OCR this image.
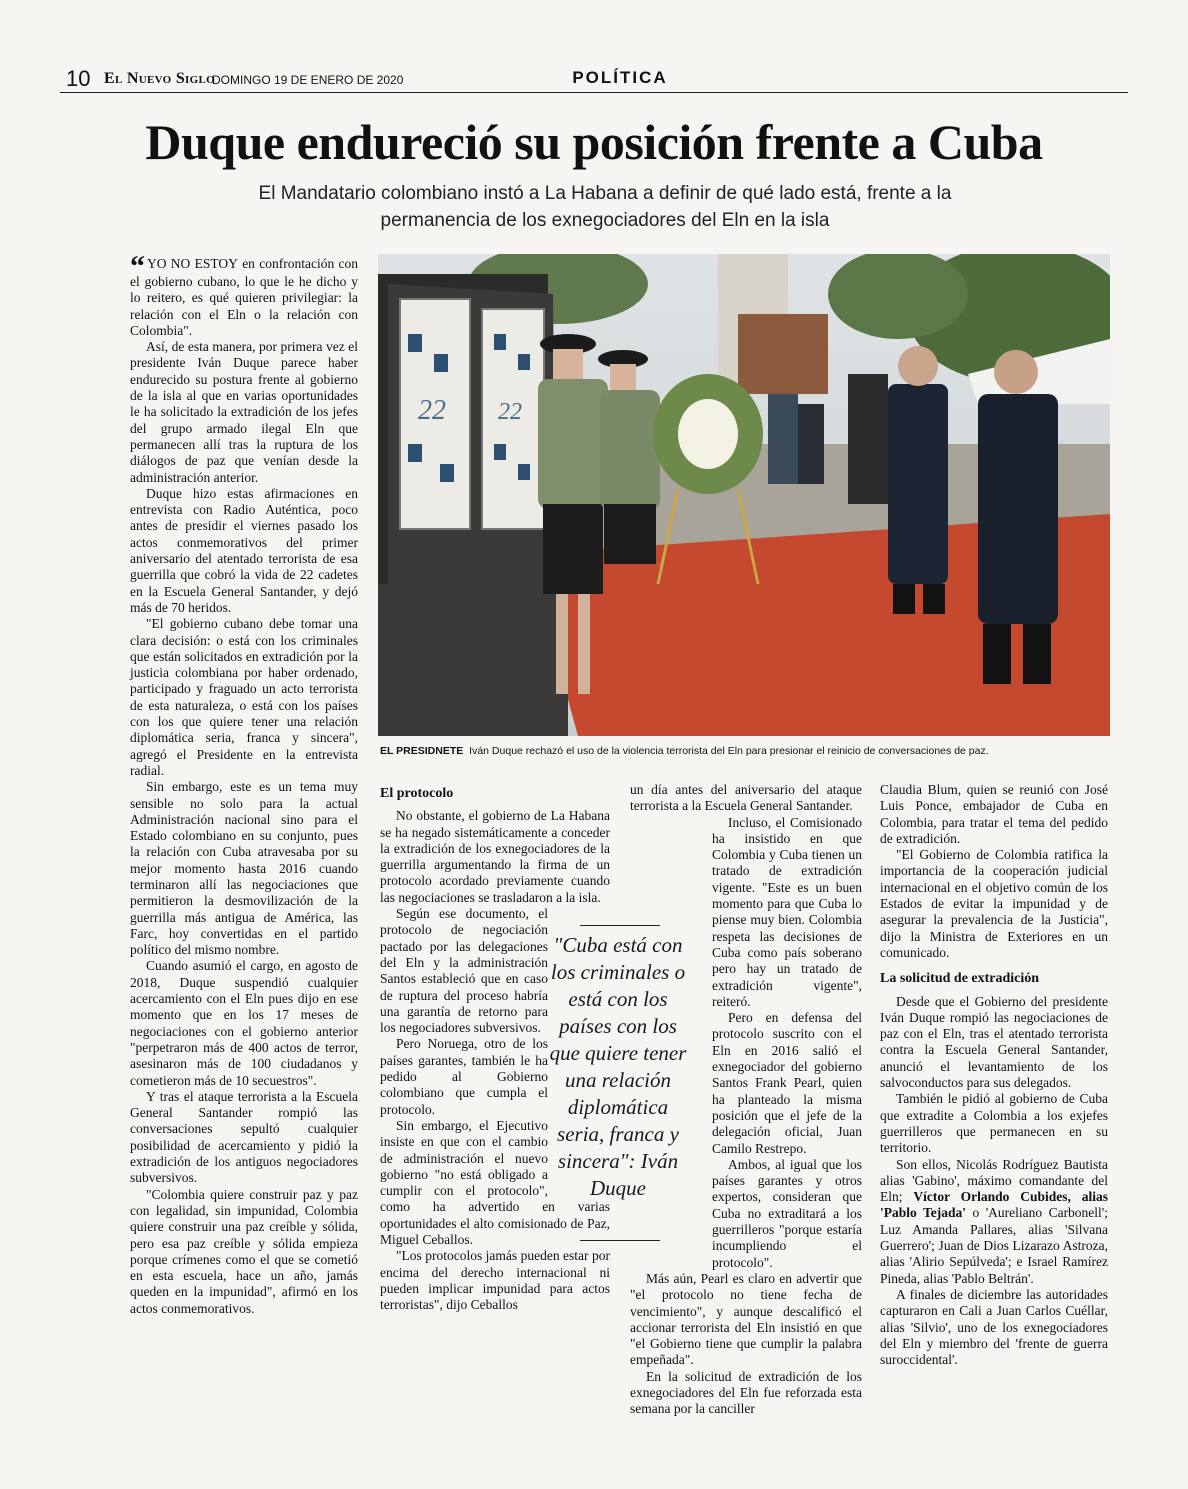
10 El Nuevo Siglo
DOMINGO 19 DE ENERO DE 2020	POLÍTICA
Duque endureció su posición frente a Cuba

El Mandatario colombiano instó a La Habana a definir de qué lado está, frente a la permanencia de los exnegociadores del Eln en la isla

“ YO NO ESTOY en confrontación con el gobierno cubano, lo que le he dicho y lo reitero, es qué quieren privilegiar: la relación con el Eln o la relación con Colombia".

Así, de esta manera, por primera vez el presidente Iván Duque parece haber endurecido su postura frente al gobierno de la isla al que en varias oportunidades le ha solicitado la extradición de los jefes del grupo armado ilegal Eln que permanecen allí tras la ruptura de los diálogos de paz que venían desde la administración anterior.

Duque hizo estas afirmaciones en entrevista con Radio Auténtica, poco antes de presidir el viernes pasado los actos conmemorativos del primer aniversario del atentado terrorista de esa guerrilla que cobró la vida de 22 cadetes en la Escuela General Santander, y dejó más de 70 heridos.

"El gobierno cubano debe tomar una clara decisión: o está con los criminales que están solicitados en extradición por la justicia colombiana por haber ordenado, participado y fraguado un acto terrorista de esta naturaleza, o está con los países con los que quiere tener una relación diplomática seria, franca y sincera", agregó el Presidente en la entrevista radial.

Sin embargo, este es un tema muy sensible no solo para la actual Administración nacional sino para el Estado colombiano en su conjunto, pues la relación con Cuba atravesaba por su mejor momento hasta 2016 cuando terminaron allí las negociaciones que permitieron la desmovilización de la guerrilla más antigua de América, las Farc, hoy convertidas en el partido político del mismo nombre.

Cuando asumió el cargo, en agosto de 2018, Duque suspendió cualquier acercamiento con el Eln pues dijo en ese momento que en los 17 meses de negociaciones con el gobierno anterior "perpetraron más de 400 actos de terror, asesinaron más de 100 ciudadanos y cometieron más de 10 secuestros".

Y tras el ataque terrorista a la Escuela General Santander rompió las conversaciones sepultó cualquier posibilidad de acercamiento y pidió la extradición de los antiguos negociadores subversivos.

"Colombia quiere construir paz y paz con legalidad, sin impunidad, Colombia quiere construir una paz creíble y sólida, pero esa paz creíble y sólida empieza porque crímenes como el que se cometió en esta escuela, hace un año, jamás queden en la impunidad", afirmó en los actos conmemorativos.

22 22
EL PRESIDNETE Iván Duque rechazó el uso de la violencia terrorista del Eln para presionar el reinicio de conversaciones de paz.
El protocolo

No obstante, el gobierno de La Habana se ha negado sistemáticamente a conceder la extradición de los exnegociadores de la guerrilla argumentando la firma de un protocolo acordado previamente cuando las negociaciones se trasladaron a la isla.

Según ese documento, el protocolo de negociación pactado por las delegaciones del Eln y la administración Santos estableció que en caso de ruptura del proceso habría una garantía de retorno para los negociadores subversivos.

Pero Noruega, otro de los países garantes, también le ha pedido al Gobierno colombiano que cumpla el protocolo.

Sin embargo, el Ejecutivo insiste en que con el cambio de administración el nuevo gobierno "no está obligado a cumplir con el protocolo", como ha advertido en varias oportunidades el alto comisionado de Paz, Miguel Ceballos.

"Los protocolos jamás pueden estar por encima del derecho internacional ni pueden implicar impunidad para actos terroristas", dijo Ceballos

un día antes del aniversario del ataque terrorista a la Escuela General Santander.

Incluso, el Comisionado ha insistido en que Colombia y Cuba tienen un tratado de extradición vigente. "Este es un buen momento para que Cuba lo piense muy bien. Colombia respeta las decisiones de Cuba como país soberano pero hay un tratado de extradición vigente", reiteró.

Pero en defensa del protocolo suscrito con el Eln en 2016 salió el exnegociador del gobierno Santos Frank Pearl, quien ha planteado la misma posición que el jefe de la delegación oficial, Juan Camilo Restrepo.

Ambos, al igual que los países garantes y otros expertos, consideran que Cuba no extraditará a los guerrilleros "porque estaría incumpliendo el protocolo".

Más aún, Pearl es claro en advertir que "el protocolo no tiene fecha de vencimiento", y aunque descalificó el accionar terrorista del Eln insistió en que "el Gobierno tiene que cumplir la palabra empeñada".

En la solicitud de extradición de los exnegociadores del Eln fue reforzada esta semana por la canciller

"Cuba está con los criminales o está con los países con los que quiere tener una relación diplomática seria, franca y sincera": Iván Duque

Claudia Blum, quien se reunió con José Luis Ponce, embajador de Cuba en Colombia, para tratar el tema del pedido de extradición.

"El Gobierno de Colombia ratifica la importancia de la cooperación judicial internacional en el objetivo común de los Estados de evitar la impunidad y de asegurar la prevalencia de la Justicia", dijo la Ministra de Exteriores en un comunicado.

La solicitud de extradición

Desde que el Gobierno del presidente Iván Duque rompió las negociaciones de paz con el Eln, tras el atentado terrorista contra la Escuela General Santander, anunció el levantamiento de los salvoconductos para sus delegados.

También le pidió al gobierno de Cuba que extradite a Colombia a los exjefes guerrilleros que permanecen en su territorio.

Son ellos, Nicolás Rodríguez Bautista alias 'Gabino', máximo comandante del Eln; Víctor Orlando Cubides, alias 'Pablo Tejada' o 'Aureliano Carbonell'; Luz Amanda Pallares, alias 'Silvana Guerrero'; Juan de Dios Lizarazo Astroza, alias 'Alirio Sepúlveda'; e Israel Ramírez Pineda, alias 'Pablo Beltrán'.

A finales de diciembre las autoridades capturaron en Cali a Juan Carlos Cuéllar, alias 'Silvio', uno de los exnegociadores del Eln y miembro del 'frente de guerra suroccidental'.
